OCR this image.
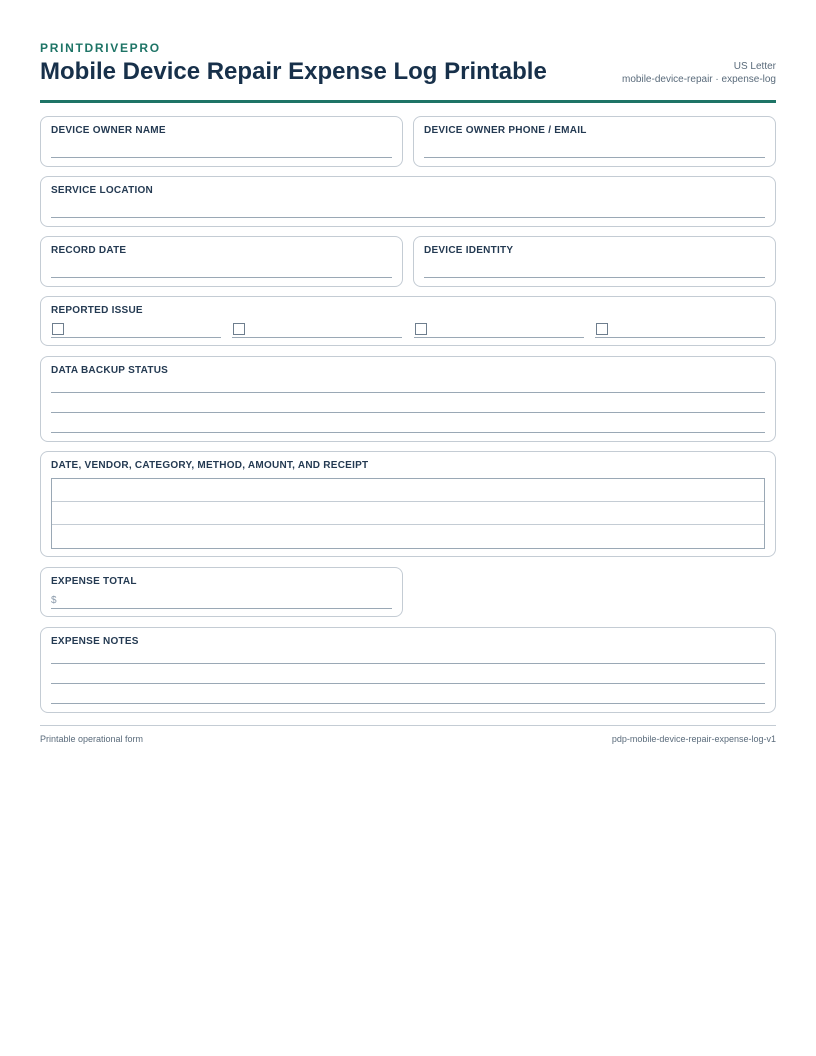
PRINTDRIVEPRO
Mobile Device Repair Expense Log Printable	US Letter
mobile-device-repair · expense-log
DEVICE OWNER NAME	DEVICE OWNER PHONE / EMAIL
SERVICE LOCATION
RECORD DATE	DEVICE IDENTITY
REPORTED ISSUE
DATA BACKUP STATUS
DATE, VENDOR, CATEGORY, METHOD, AMOUNT, AND RECEIPT
EXPENSE TOTAL
$
EXPENSE NOTES
Printable operational form	pdp-mobile-device-repair-expense-log-v1
